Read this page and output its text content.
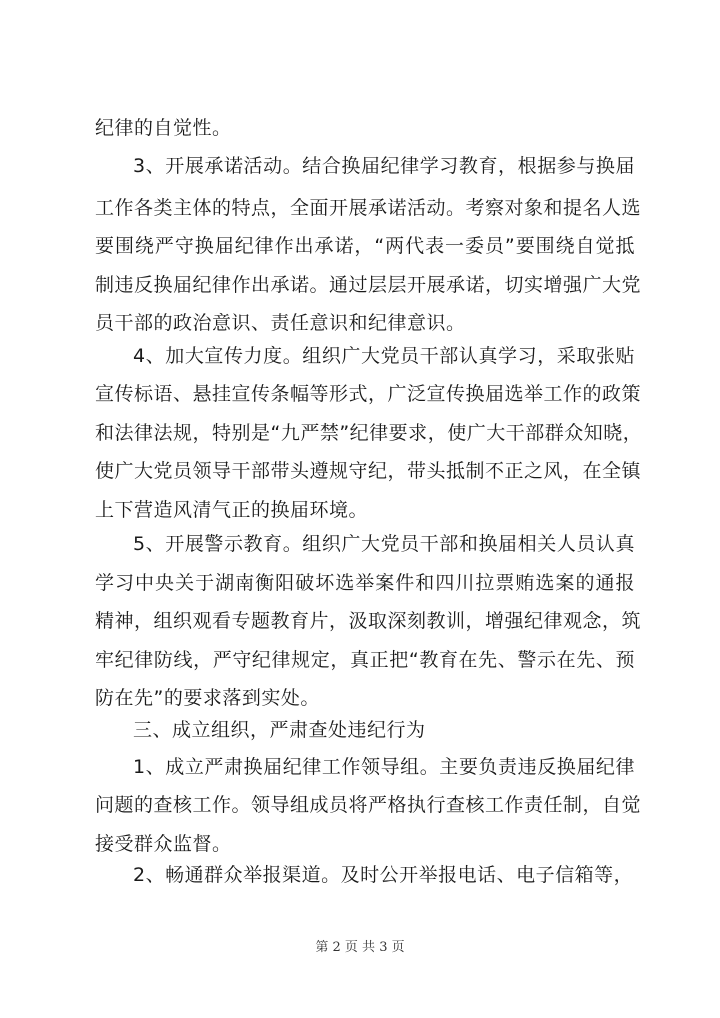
纪律的自觉性。
3、开展承诺活动。结合换届纪律学习教育，根据参与换届
工作各类主体的特点，全面开展承诺活动。考察对象和提名人选
要围绕严守换届纪律作出承诺，“两代表一委员”要围绕自觉抵
制违反换届纪律作出承诺。通过层层开展承诺，切实增强广大党
员干部的政治意识、责任意识和纪律意识。
4、加大宣传力度。组织广大党员干部认真学习，采取张贴
宣传标语、悬挂宣传条幅等形式，广泛宣传换届选举工作的政策
和法律法规，特别是“九严禁”纪律要求，使广大干部群众知晓，
使广大党员领导干部带头遵规守纪，带头抵制不正之风，在全镇
上下营造风清气正的换届环境。
5、开展警示教育。组织广大党员干部和换届相关人员认真
学习中央关于湖南衡阳破坏选举案件和四川拉票贿选案的通报
精神，组织观看专题教育片，汲取深刻教训，增强纪律观念，筑
牢纪律防线，严守纪律规定，真正把“教育在先、警示在先、预
防在先”的要求落到实处。
三、成立组织，严肃查处违纪行为
1、成立严肃换届纪律工作领导组。主要负责违反换届纪律
问题的查核工作。领导组成员将严格执行查核工作责任制，自觉
接受群众监督。
2、畅通群众举报渠道。及时公开举报电话、电子信箱等，
第 2 页 共 3 页
